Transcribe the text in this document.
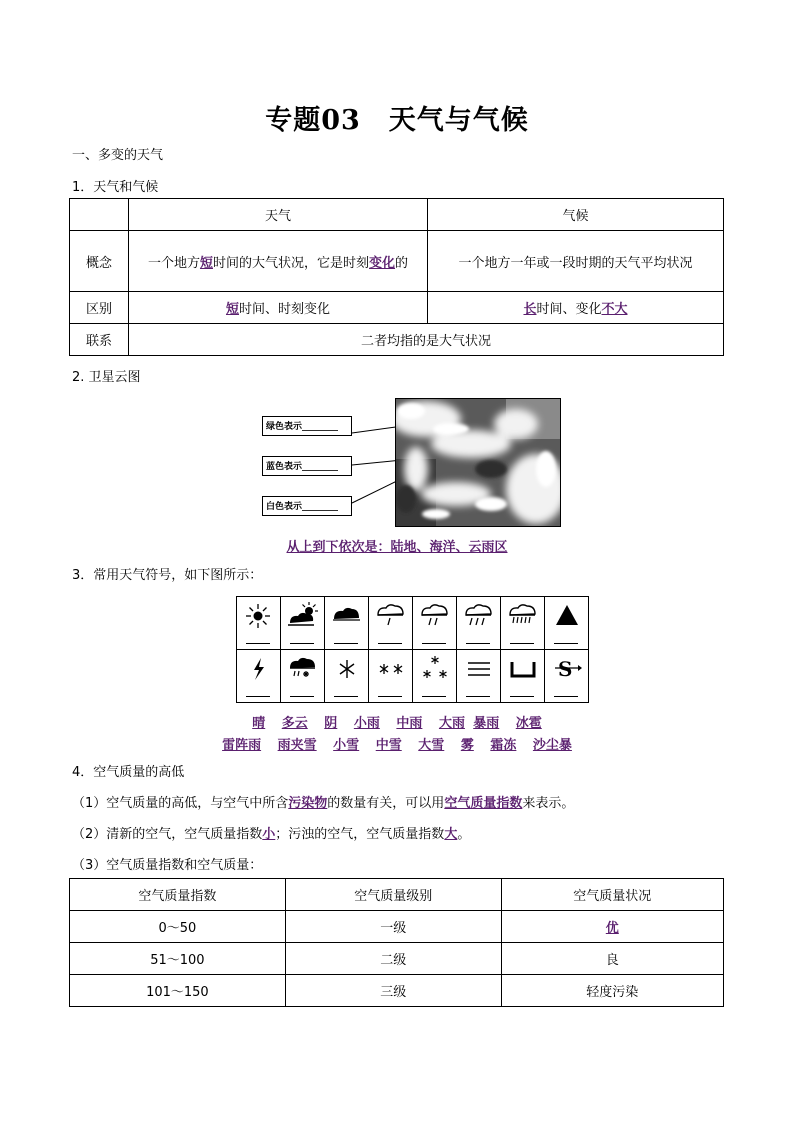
专题03　天气与气候
一、多变的天气
1．天气和气候
	天气	气候
概念	一个地方短时间的大气状况，它是时刻变化的	一个地方一年或一段时期的天气平均状况
区别	短时间、时刻变化	长时间、变化不大
联系	二者均指的是大气状况	
2. 卫星云图
绿色表示________
蓝色表示________
白色表示________
从上到下依次是：陆地、海洋、云雨区
3．常用天气符号，如下图所示：

S
晴 多云 阴 小雨 中雨 大雨 暴雨 冰雹
雷阵雨 雨夹雪 小雪 中雪 大雪 雾 霜冻 沙尘暴
4．空气质量的高低
（1）空气质量的高低，与空气中所含污染物的数量有关，可以用空气质量指数来表示。
（2）清新的空气，空气质量指数小；污浊的空气，空气质量指数大。
（3）空气质量指数和空气质量：
空气质量指数	空气质量级别	空气质量状况
0～50	一级	优
51～100	二级	良
101～150	三级	轻度污染
